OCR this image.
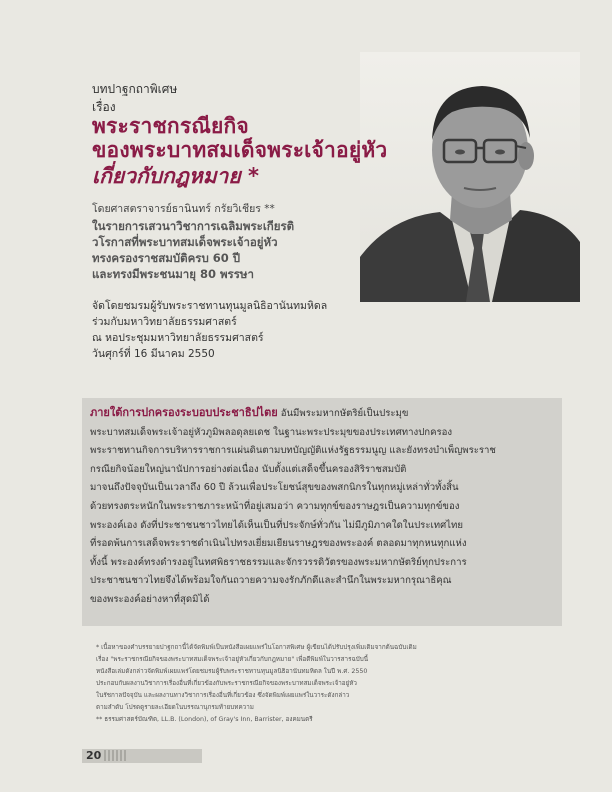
บทปาฐกถาพิเศษ
เรื่อง
พระราชกรณียกิจ
ของพระบาทสมเด็จพระเจ้าอยู่หัว
เกี่ยวกับกฎหมาย *
โดยศาสตราจารย์ธานินทร์ กรัยวิเชียร **
ในรายการเสวนาวิชาการเฉลิมพระเกียรติ
วโรกาสที่พระบาทสมเด็จพระเจ้าอยู่หัว
ทรงครองราชสมบัติครบ 60 ปี
และทรงมีพระชนมายุ 80 พรรษา
จัดโดยชมรมผู้รับพระราชทานทุนมูลนิธิอานันทมหิดล
ร่วมกับมหาวิทยาลัยธรรมศาสตร์
ณ หอประชุมมหาวิทยาลัยธรรมศาสตร์
วันศุกร์ที่ 16 มีนาคม 2550
ภายใต้การปกครองระบอบประชาธิปไตย อันมีพระมหากษัตริย์เป็นประมุข
พระบาทสมเด็จพระเจ้าอยู่หัวภูมิพลอดุลยเดช ในฐานะพระประมุขของประเทศทางปกครอง
พระราชทานกิจการบริหารราชการแผ่นดินตามบทบัญญัติแห่งรัฐธรรมนูญ และยังทรงบำเพ็ญพระราช
กรณียกิจน้อยใหญ่นานัปการอย่างต่อเนื่อง นับตั้งแต่เสด็จขึ้นครองสิริราชสมบัติ
มาจนถึงปัจจุบันเป็นเวลาถึง 60 ปี ล้วนเพื่อประโยชน์สุขของพสกนิกรในทุกหมู่เหล่าทั่วทั้งสิ้น
ด้วยทรงตระหนักในพระราชภาระหน้าที่อยู่เสมอว่า ความทุกข์ของราษฎรเป็นความทุกข์ของ
พระองค์เอง ดังที่ประชาชนชาวไทยได้เห็นเป็นที่ประจักษ์ทั่วกัน ไม่มีภูมิภาคใดในประเทศไทย
ที่รอดพ้นการเสด็จพระราชดำเนินไปทรงเยี่ยมเยียนราษฎรของพระองค์ ตลอดมาทุกหนทุกแห่ง
ทั้งนี้ พระองค์ทรงดำรงอยู่ในทศพิธราชธรรมและจักรวรรดิวัตรของพระมหากษัตริย์ทุกประการ
ประชาชนชาวไทยจึงได้พร้อมใจกันถวายความจงรักภักดีและสำนึกในพระมหากรุณาธิคุณ
ของพระองค์อย่างหาที่สุดมิได้
* เนื้อหาของคำบรรยายปาฐกถานี้ได้จัดพิมพ์เป็นหนังสือเผยแพร่ในโอกาสพิเศษ ผู้เขียนได้ปรับปรุงเพิ่มเติมจากต้นฉบับเดิม
เรื่อง "พระราชกรณียกิจของพระบาทสมเด็จพระเจ้าอยู่หัวเกี่ยวกับกฎหมาย" เพื่อตีพิมพ์ในวารสารฉบับนี้
หนังสือเล่มดังกล่าวจัดพิมพ์เผยแพร่โดยชมรมผู้รับพระราชทานทุนมูลนิธิอานันทมหิดล ในปี พ.ศ. 2550
ประกอบกับผลงานวิชาการเรื่องอื่นที่เกี่ยวข้องกับพระราชกรณียกิจของพระบาทสมเด็จพระเจ้าอยู่หัว
ในรัชกาลปัจจุบัน และผลงานทางวิชาการเรื่องอื่นที่เกี่ยวข้อง ซึ่งจัดพิมพ์เผยแพร่ในวาระดังกล่าว
ตามลำดับ โปรดดูรายละเอียดในบรรณานุกรมท้ายบทความ
** ธรรมศาสตร์บัณฑิต, LL.B. (London), of Gray's Inn, Barrister, องคมนตรี
20
